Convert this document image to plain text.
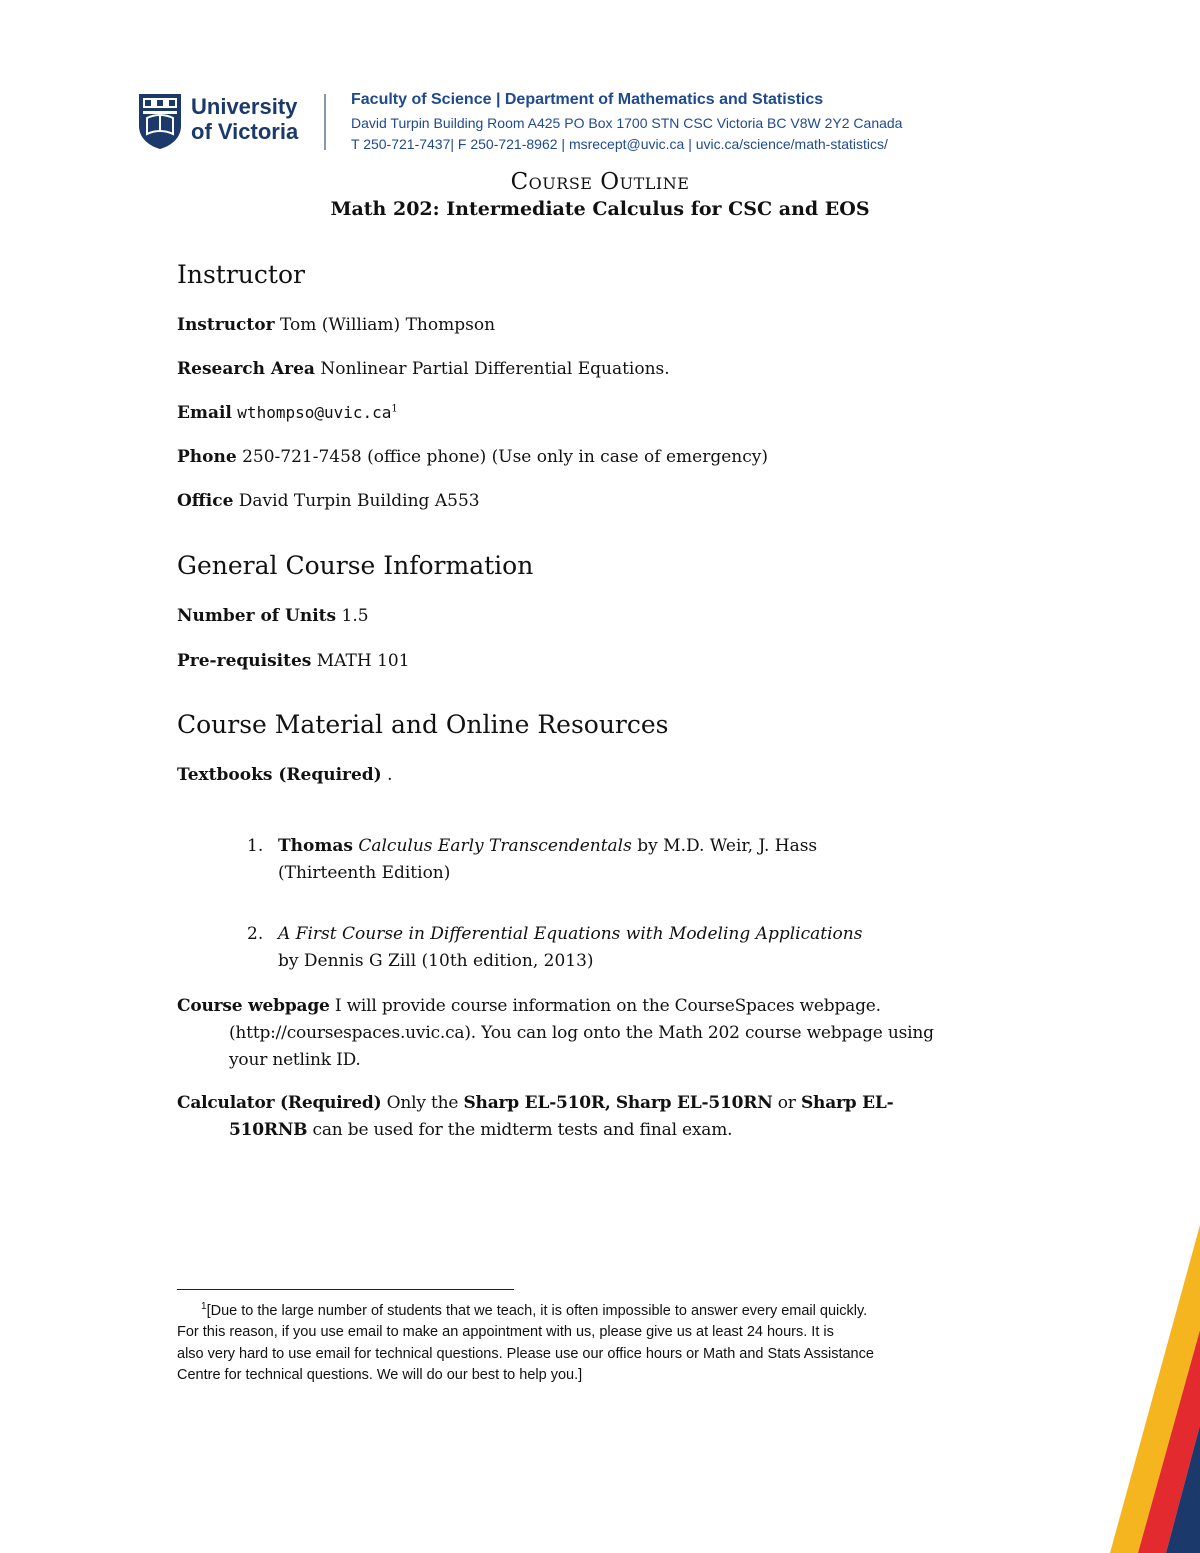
University
of Victoria
Faculty of Science | Department of Mathematics and Statistics
David Turpin Building Room A425 PO Box 1700 STN CSC Victoria BC V8W 2Y2 Canada
T 250-721-7437| F 250-721-8962 | msrecept@uvic.ca | uvic.ca/science/math-statistics/
Course Outline
Math 202: Intermediate Calculus for CSC and EOS
Instructor
Instructor Tom (William) Thompson
Research Area Nonlinear Partial Differential Equations.
Email $wthompso@uvic.ca^1$
Phone 250-721-7458 (office phone) (Use only in case of emergency)
Office David Turpin Building A553
General Course Information
Number of Units 1.5
Pre-requisites MATH 101
Course Material and Online Resources
Textbooks (Required) .
1. Thomas Calculus Early Transcendentals by M.D. Weir, J. Hass
(Thirteenth Edition)
2. A First Course in Differential Equations with Modeling Applications
by Dennis G Zill (10th edition, 2013)
Course webpage I will provide course information on the CourseSpaces webpage.
(http://coursespaces.uvic.ca). You can log onto the Math 202 course webpage using
your netlink ID.
Calculator (Required) Only the Sharp EL-510R, Sharp EL-510RN or Sharp EL-
510RNB can be used for the midterm tests and final exam.
$^1$[Due to the large number of students that we teach, it is often impossible to answer every email quickly.
For this reason, if you use email to make an appointment with us, please give us at least 24 hours. It is
also very hard to use email for technical questions. Please use our office hours or Math and Stats Assistance
Centre for technical questions. We will do our best to help you.]
